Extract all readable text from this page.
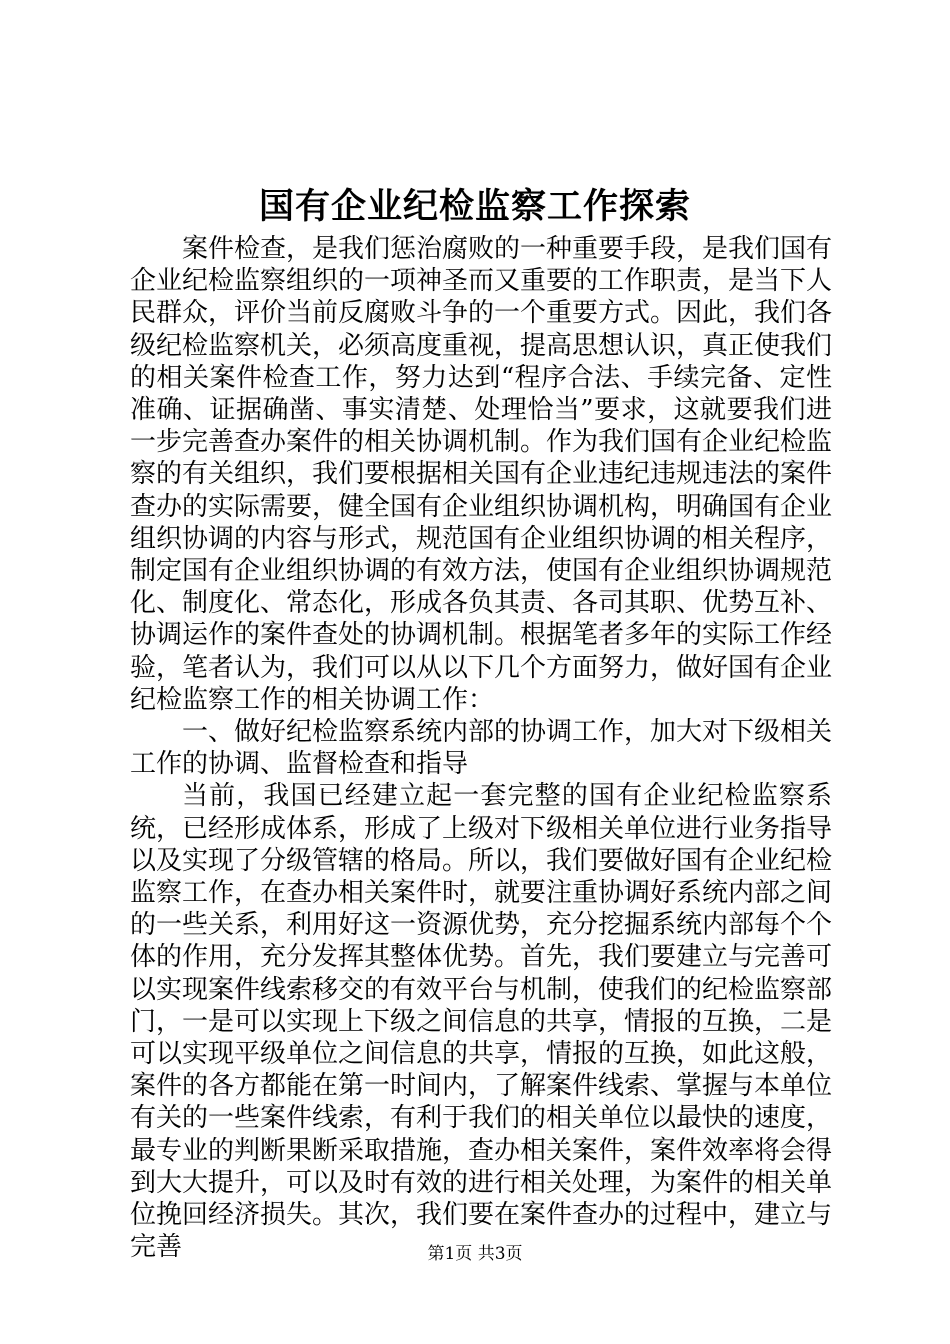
国有企业纪检监察工作探索

案件检查，是我们惩治腐败的一种重要手段，是我们国有企业纪检监察组织的一项神圣而又重要的工作职责，是当下人民群众，评价当前反腐败斗争的一个重要方式。因此，我们各级纪检监察机关，必须高度重视，提高思想认识，真正使我们的相关案件检查工作，努力达到“程序合法、手续完备、定性准确、证据确凿、事实清楚、处理恰当”要求，这就要我们进一步完善查办案件的相关协调机制。作为我们国有企业纪检监察的有关组织，我们要根据相关国有企业违纪违规违法的案件查办的实际需要，健全国有企业组织协调机构，明确国有企业组织协调的内容与形式，规范国有企业组织协调的相关程序，制定国有企业组织协调的有效方法，使国有企业组织协调规范化、制度化、常态化，形成各负其责、各司其职、优势互补、协调运作的案件查处的协调机制。根据笔者多年的实际工作经验，笔者认为，我们可以从以下几个方面努力，做好国有企业纪检监察工作的相关协调工作：

一、做好纪检监察系统内部的协调工作，加大对下级相关工作的协调、监督检查和指导

当前，我国已经建立起一套完整的国有企业纪检监察系统，已经形成体系，形成了上级对下级相关单位进行业务指导以及实现了分级管辖的格局。所以，我们要做好国有企业纪检监察工作，在查办相关案件时，就要注重协调好系统内部之间的一些关系，利用好这一资源优势，充分挖掘系统内部每个个体的作用，充分发挥其整体优势。首先，我们要建立与完善可以实现案件线索移交的有效平台与机制，使我们的纪检监察部门，一是可以实现上下级之间信息的共享，情报的互换，二是可以实现平级单位之间信息的共享，情报的互换，如此这般，案件的各方都能在第一时间内，了解案件线索、掌握与本单位有关的一些案件线索，有利于我们的相关单位以最快的速度，最专业的判断果断采取措施，查办相关案件，案件效率将会得到大大提升，可以及时有效的进行相关处理，为案件的相关单位挽回经济损失。其次，我们要在案件查办的过程中，建立与完善	第1页 共3页
